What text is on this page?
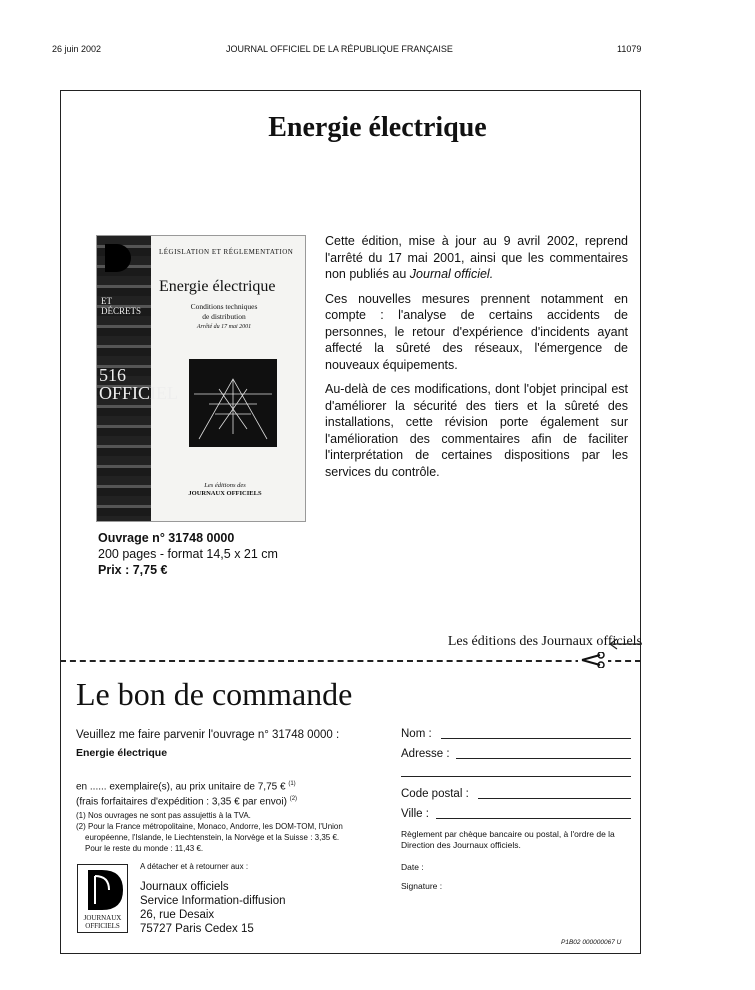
26 juin 2002	JOURNAL OFFICIEL DE LA RÉPUBLIQUE FRANÇAISE	11079
Energie électrique
ET DÉCRETS
516
OFFICIEL
LÉGISLATION ET RÉGLEMENTATION
Energie électrique
Conditions techniques
de distribution
Arrêté du 17 mai 2001
Les éditions des
JOURNAUX OFFICIELS

Cette édition, mise à jour au 9 avril 2002, reprend l'arrêté du 17 mai 2001, ainsi que les commentaires non publiés au Journal officiel.

Ces nouvelles mesures prennent notamment en compte : l'analyse de certains accidents de personnes, le retour d'expérience d'incidents ayant affecté la sûreté des réseaux, l'émergence de nouveaux équipements.

Au-delà de ces modifications, dont l'objet principal est d'améliorer la sécurité des tiers et la sûreté des installations, cette révision porte également sur l'amélioration des commentaires afin de faciliter l'interprétation de certaines dispositions par les services du contrôle.

Ouvrage n° 31748 0000
200 pages - format 14,5 x 21 cm
Prix : 7,75 €
Les éditions des Journaux officiels
Le bon de commande
Veuillez me faire parvenir l'ouvrage n° 31748 0000 :
Energie électrique
en ...... exemplaire(s), au prix unitaire de 7,75 € $^{(1)}$
(frais forfaitaires d'expédition : 3,35 € par envoi) $^{(2)}$
(1) Nos ouvrages ne sont pas assujettis à la TVA.
(2) Pour la France métropolitaine, Monaco, Andorre, les DOM-TOM, l'Union
européenne, l'Islande, le Liechtenstein, la Norvège et la Suisse : 3,35 €.
Pour le reste du monde : 11,43 €.
A détacher et à retourner aux :
JOURNAUX
OFFICIELS
Journaux officiels
Service Information-diffusion
26, rue Desaix
75727 Paris Cedex 15
Nom :
Adresse :
Code postal :
Ville :
Règlement par chèque bancaire ou postal, à l'ordre de la Direction des Journaux officiels.
Date :
Signature :
P1B02 000000067 U
